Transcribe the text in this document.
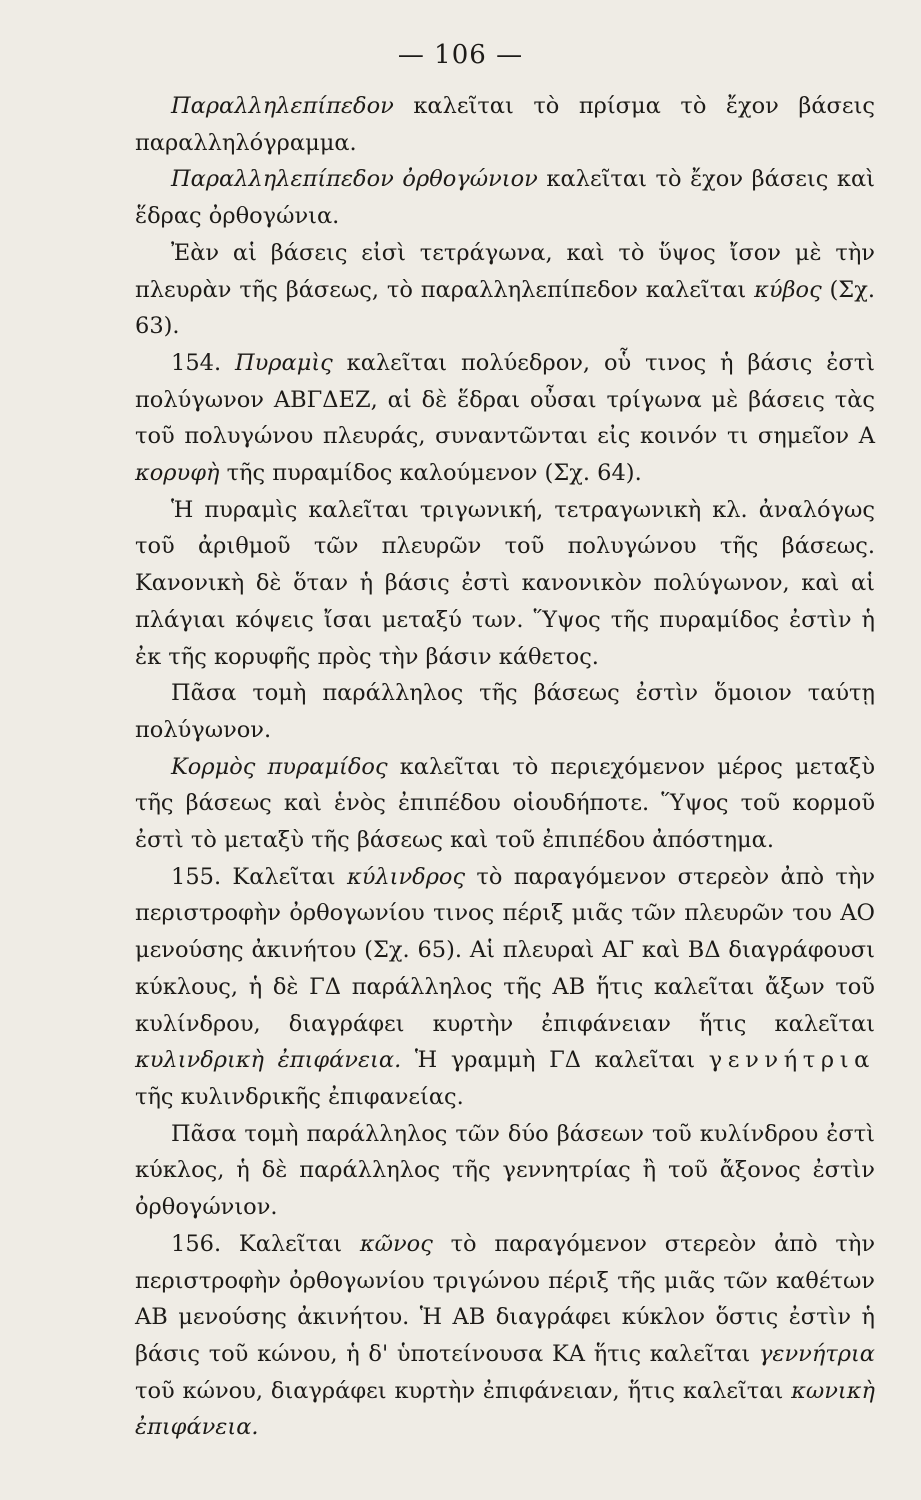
— 106 —

Παραλληλεπίπεδον καλεῖται τὸ πρίσμα τὸ ἔχον βάσεις παραλληλόγραμμα.

Παραλληλεπίπεδον ὀρθογώνιον καλεῖται τὸ ἔχον βάσεις καὶ ἕδρας ὀρθογώνια.

Ἐὰν αἱ βάσεις εἰσὶ τετράγωνα, καὶ τὸ ὕψος ἴσον μὲ τὴν πλευρὰν τῆς βάσεως, τὸ παραλληλεπίπεδον καλεῖται κύβος (Σχ. 63).

154. Πυραμὶς καλεῖται πολύεδρον, οὗ τινος ἡ βάσις ἐστὶ πολύγωνον ΑΒΓΔΕΖ, αἱ δὲ ἕδραι οὖσαι τρίγωνα μὲ βάσεις τὰς τοῦ πολυγώνου πλευράς, συναντῶνται εἰς κοινόν τι σημεῖον Α κορυφὴ τῆς πυραμίδος καλούμενον (Σχ. 64).

Ἡ πυραμὶς καλεῖται τριγωνική, τετραγωνικὴ κλ. ἀναλόγως τοῦ ἀριθμοῦ τῶν πλευρῶν τοῦ πολυγώνου τῆς βάσεως. Κανονικὴ δὲ ὅταν ἡ βάσις ἐστὶ κανονικὸν πολύγωνον, καὶ αἱ πλάγιαι κόψεις ἴσαι μεταξύ των. Ὕψος τῆς πυραμίδος ἐστὶν ἡ ἐκ τῆς κορυφῆς πρὸς τὴν βάσιν κάθετος.

Πᾶσα τομὴ παράλληλος τῆς βάσεως ἐστὶν ὅμοιον ταύτῃ πολύγωνον.

Κορμὸς πυραμίδος καλεῖται τὸ περιεχόμενον μέρος μεταξὺ τῆς βάσεως καὶ ἑνὸς ἐπιπέδου οἱουδήποτε. Ὕψος τοῦ κορμοῦ ἐστὶ τὸ μεταξὺ τῆς βάσεως καὶ τοῦ ἐπιπέδου ἀπόστημα.

155. Καλεῖται κύλινδρος τὸ παραγόμενον στερεὸν ἀπὸ τὴν περιστροφὴν ὀρθογωνίου τινος πέριξ μιᾶς τῶν πλευρῶν του ΑΟ μενούσης ἀκινήτου (Σχ. 65). Αἱ πλευραὶ ΑΓ καὶ ΒΔ διαγράφουσι κύκλους, ἡ δὲ ΓΔ παράλληλος τῆς ΑΒ ἥτις καλεῖται ἄξων τοῦ κυλίνδρου, διαγράφει κυρτὴν ἐπιφάνειαν ἥτις καλεῖται κυλινδρικὴ ἐπιφάνεια. Ἡ γραμμὴ ΓΔ καλεῖται γεννήτρια τῆς κυλινδρικῆς ἐπιφανείας.

Πᾶσα τομὴ παράλληλος τῶν δύο βάσεων τοῦ κυλίνδρου ἐστὶ κύκλος, ἡ δὲ παράλληλος τῆς γεννητρίας ἢ τοῦ ἄξονος ἐστὶν ὀρθογώνιον.

156. Καλεῖται κῶνος τὸ παραγόμενον στερεὸν ἀπὸ τὴν περιστροφὴν ὀρθογωνίου τριγώνου πέριξ τῆς μιᾶς τῶν καθέτων ΑΒ μενούσης ἀκινήτου. Ἡ ΑΒ διαγράφει κύκλον ὅστις ἐστὶν ἡ βάσις τοῦ κώνου, ἡ δ' ὑποτείνουσα ΚΑ ἥτις καλεῖται γεννήτρια τοῦ κώνου, διαγράφει κυρτὴν ἐπιφάνειαν, ἥτις καλεῖται κωνικὴ ἐπιφάνεια.
